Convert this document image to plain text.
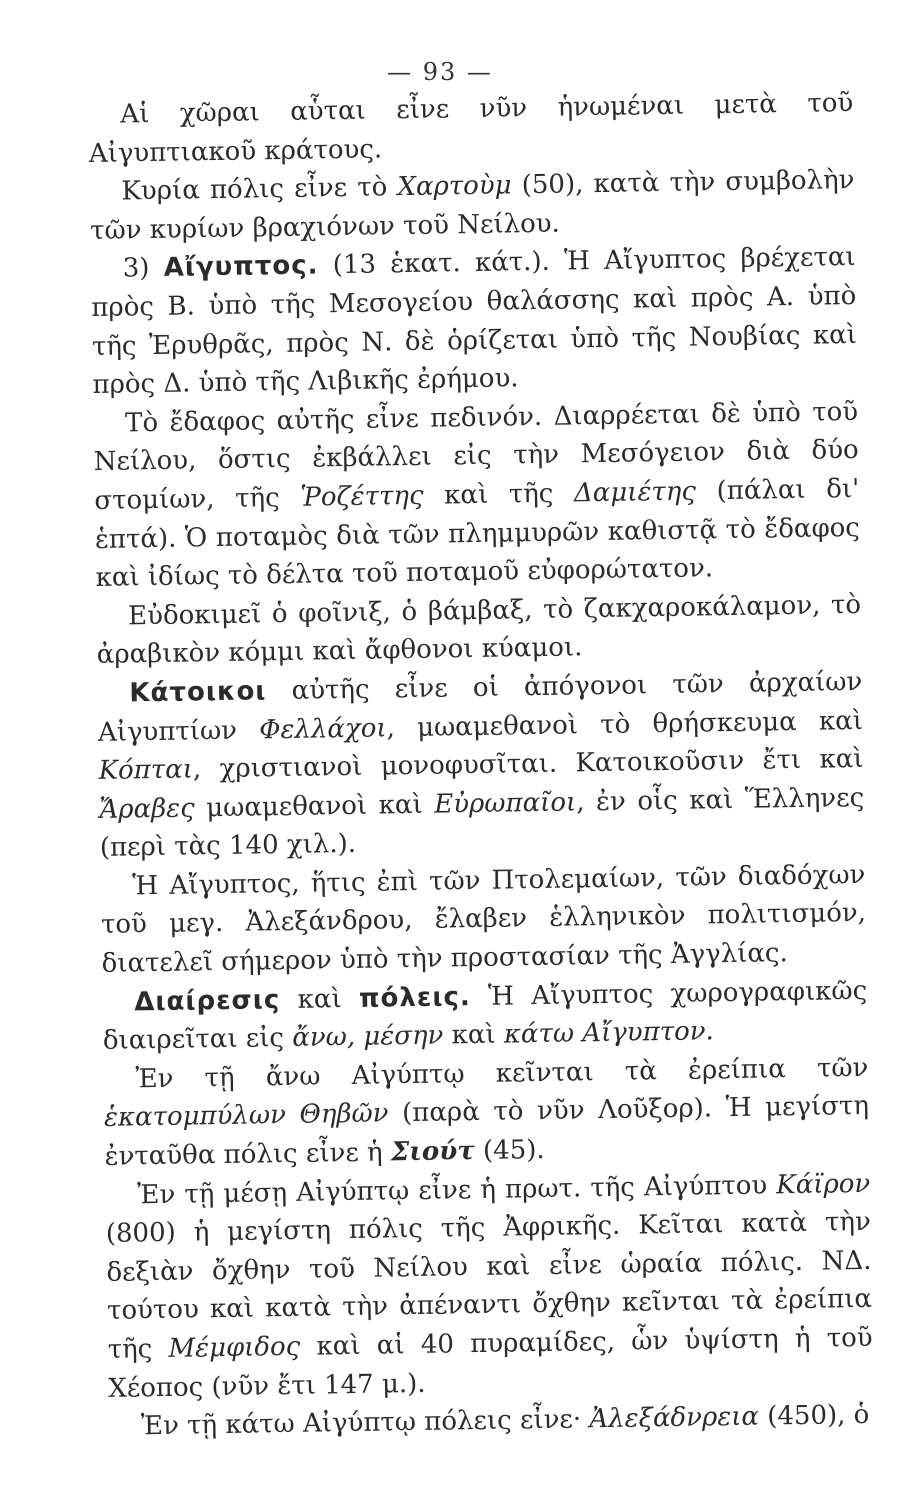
— 93 —

Αἱ χῶραι αὗται εἶνε νῦν ἡνωμέναι μετὰ τοῦ Αἰγυπτιακοῦ κράτους.

Κυρία πόλις εἶνε τὸ Χαρτοὺμ (50), κατὰ τὴν συμβολὴν τῶν κυρίων βραχιόνων τοῦ Νείλου.

3) Αἴγυπτος. (13 ἑκατ. κάτ.). Ἡ Αἴγυπτος βρέχεται πρὸς Β. ὑπὸ τῆς Μεσογείου θαλάσσης καὶ πρὸς Α. ὑπὸ τῆς Ἐρυθρᾶς, πρὸς Ν. δὲ ὁρίζεται ὑπὸ τῆς Νουβίας καὶ πρὸς Δ. ὑπὸ τῆς Λιβικῆς ἐρήμου.

Τὸ ἔδαφος αὐτῆς εἶνε πεδινόν. Διαρρέεται δὲ ὑπὸ τοῦ Νείλου, ὅστις ἐκβάλλει εἰς τὴν Μεσόγειον διὰ δύο στομίων, τῆς Ῥοζέττης καὶ τῆς Δαμιέτης (πάλαι δι' ἑπτά). Ὁ ποταμὸς διὰ τῶν πλημμυρῶν καθιστᾷ τὸ ἔδαφος καὶ ἰδίως τὸ δέλτα τοῦ ποταμοῦ εὐφορώτατον.

Εὐδοκιμεῖ ὁ φοῖνιξ, ὁ βάμβαξ, τὸ ζακχαροκάλαμον, τὸ ἀραβικὸν κόμμι καὶ ἄφθονοι κύαμοι.

Κάτοικοι αὐτῆς εἶνε οἱ ἀπόγονοι τῶν ἀρχαίων Αἰγυπτίων Φελλάχοι, μωαμεθανοὶ τὸ θρήσκευμα καὶ Κόπται, χριστιανοὶ μονοφυσῖται. Κατοικοῦσιν ἔτι καὶ Ἄραβες μωαμεθανοὶ καὶ Εὐρωπαῖοι, ἐν οἷς καὶ Ἕλληνες (περὶ τὰς 140 χιλ.).

Ἡ Αἴγυπτος, ἥτις ἐπὶ τῶν Πτολεμαίων, τῶν διαδόχων τοῦ μεγ. Ἀλεξάνδρου, ἔλαβεν ἑλληνικὸν πολιτισμόν, διατελεῖ σήμερον ὑπὸ τὴν προστασίαν τῆς Ἀγγλίας.

Διαίρεσις καὶ πόλεις. Ἡ Αἴγυπτος χωρογραφικῶς διαιρεῖται εἰς ἄνω, μέσην καὶ κάτω Αἴγυπτον.

Ἐν τῇ ἄνω Αἰγύπτῳ κεῖνται τὰ ἐρείπια τῶν ἑκατομπύλων Θηβῶν (παρὰ τὸ νῦν Λοῦξορ). Ἡ μεγίστη ἐνταῦθα πόλις εἶνε ἡ Σιούτ (45).

Ἐν τῇ μέσῃ Αἰγύπτῳ εἶνε ἡ πρωτ. τῆς Αἰγύπτου Κάϊρον (800) ἡ μεγίστη πόλις τῆς Ἀφρικῆς. Κεῖται κατὰ τὴν δεξιὰν ὄχθην τοῦ Νείλου καὶ εἶνε ὡραία πόλις. ΝΔ. τούτου καὶ κατὰ τὴν ἀπέναντι ὄχθην κεῖνται τὰ ἐρείπια τῆς Μέμφιδος καὶ αἱ 40 πυραμίδες, ὧν ὑψίστη ἡ τοῦ Χέοπος (νῦν ἔτι 147 μ.).

Ἐν τῇ κάτω Αἰγύπτῳ πόλεις εἶνε· Ἀλεξάδνρεια (450), ὁ
